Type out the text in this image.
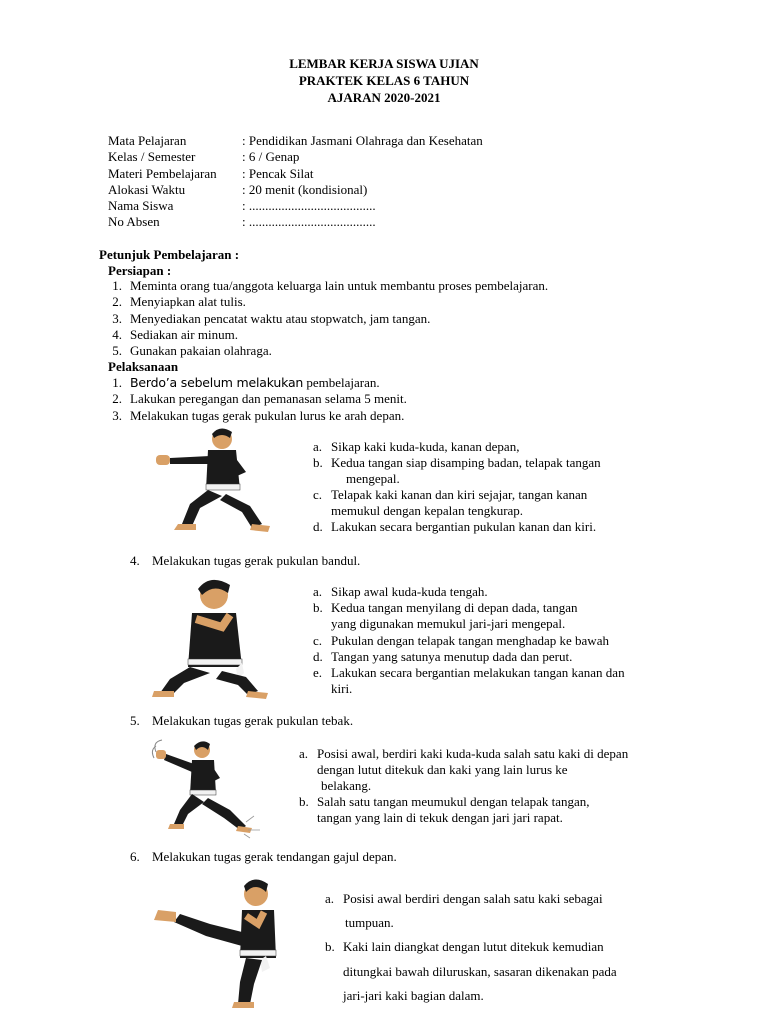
LEMBAR KERJA SISWA UJIAN
PRAKTEK KELAS 6 TAHUN
AJARAN 2020-2021
Mata Pelajaran	: Pendidikan Jasmani Olahraga dan Kesehatan
Kelas / Semester	: 6 / Genap
Materi Pembelajaran : Pencak Silat
Alokasi Waktu	: 20 menit (kondisional)
Nama Siswa	: .......................................
No Absen	: .......................................
Petunjuk Pembelajaran :
Persiapan :
1. Meminta orang tua/anggota keluarga lain untuk membantu proses pembelajaran.
2. Menyiapkan alat tulis.
3. Menyediakan pencatat waktu atau stopwatch, jam tangan.
4. Sediakan air minum.
5. Gunakan pakaian olahraga.
Pelaksanaan
1. Berdo’a sebelum melakukan pembelajaran.
2. Lakukan peregangan dan pemanasan selama 5 menit.
3. Melakukan tugas gerak pukulan lurus ke arah depan.
a. Sikap kaki kuda-kuda, kanan depan,
b. Kedua tangan siap disamping badan, telapak tangan
mengepal.
c. Telapak kaki kanan dan kiri sejajar, tangan kanan
memukul dengan kepalan tengkurap.
d. Lakukan secara bergantian pukulan kanan dan kiri.
4. Melakukan tugas gerak pukulan bandul.
a. Sikap awal kuda-kuda tengah.
b. Kedua tangan menyilang di depan dada, tangan
yang digunakan memukul jari-jari mengepal.
c. Pukulan dengan telapak tangan menghadap ke bawah
d. Tangan yang satunya menutup dada dan perut.
e. Lakukan secara bergantian melakukan tangan kanan dan
kiri.
5. Melakukan tugas gerak pukulan tebak.
a. Posisi awal, berdiri kaki kuda-kuda salah satu kaki di depan
dengan lutut ditekuk dan kaki yang lain lurus ke
belakang.
b. Salah satu tangan meumukul dengan telapak tangan,
tangan yang lain di tekuk dengan jari jari rapat.
6. Melakukan tugas gerak tendangan gajul depan.
a. Posisi awal berdiri dengan salah satu kaki sebagai
tumpuan.
b. Kaki lain diangkat dengan lutut ditekuk kemudian
ditungkai bawah diluruskan, sasaran dikenakan pada
jari-jari kaki bagian dalam.
